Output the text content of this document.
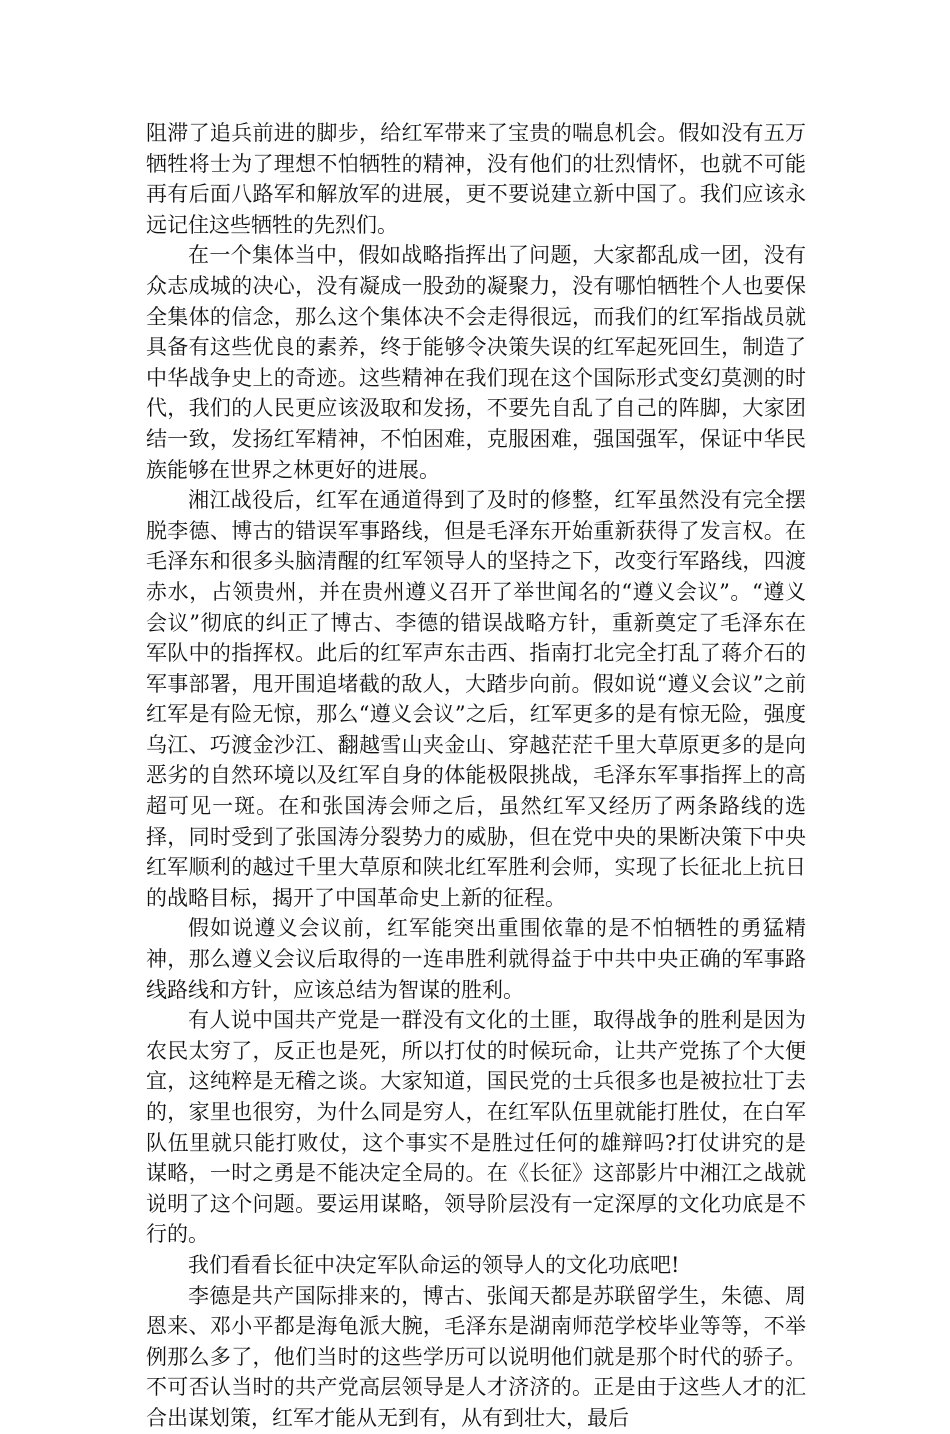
阻滞了追兵前进的脚步，给红军带来了宝贵的喘息机会。假如没有五万牺牲将士为了理想不怕牺牲的精神，没有他们的壮烈情怀，也就不可能再有后面八路军和解放军的进展，更不要说建立新中国了。我们应该永远记住这些牺牲的先烈们。

在一个集体当中，假如战略指挥出了问题，大家都乱成一团，没有众志成城的决心，没有凝成一股劲的凝聚力，没有哪怕牺牲个人也要保全集体的信念，那么这个集体决不会走得很远，而我们的红军指战员就具备有这些优良的素养，终于能够令决策失误的红军起死回生，制造了中华战争史上的奇迹。这些精神在我们现在这个国际形式变幻莫测的时代，我们的人民更应该汲取和发扬，不要先自乱了自己的阵脚，大家团结一致，发扬红军精神，不怕困难，克服困难，强国强军，保证中华民族能够在世界之林更好的进展。

湘江战役后，红军在通道得到了及时的修整，红军虽然没有完全摆脱李德、博古的错误军事路线，但是毛泽东开始重新获得了发言权。在毛泽东和很多头脑清醒的红军领导人的坚持之下，改变行军路线，四渡赤水，占领贵州，并在贵州遵义召开了举世闻名的“遵义会议”。“遵义会议”彻底的纠正了博古、李德的错误战略方针，重新奠定了毛泽东在军队中的指挥权。此后的红军声东击西、指南打北完全打乱了蒋介石的军事部署，甩开围追堵截的敌人，大踏步向前。假如说“遵义会议”之前红军是有险无惊，那么“遵义会议”之后，红军更多的是有惊无险，强度乌江、巧渡金沙江、翻越雪山夹金山、穿越茫茫千里大草原更多的是向恶劣的自然环境以及红军自身的体能极限挑战，毛泽东军事指挥上的高超可见一斑。在和张国涛会师之后，虽然红军又经历了两条路线的选择，同时受到了张国涛分裂势力的威胁，但在党中央的果断决策下中央红军顺利的越过千里大草原和陕北红军胜利会师，实现了长征北上抗日的战略目标，揭开了中国革命史上新的征程。

假如说遵义会议前，红军能突出重围依靠的是不怕牺牲的勇猛精神，那么遵义会议后取得的一连串胜利就得益于中共中央正确的军事路线路线和方针，应该总结为智谋的胜利。

有人说中国共产党是一群没有文化的土匪，取得战争的胜利是因为农民太穷了，反正也是死，所以打仗的时候玩命，让共产党拣了个大便宜，这纯粹是无稽之谈。大家知道，国民党的士兵很多也是被拉壮丁去的，家里也很穷，为什么同是穷人，在红军队伍里就能打胜仗，在白军队伍里就只能打败仗，这个事实不是胜过任何的雄辩吗?打仗讲究的是谋略，一时之勇是不能决定全局的。在《长征》这部影片中湘江之战就说明了这个问题。要运用谋略，领导阶层没有一定深厚的文化功底是不行的。

我们看看长征中决定军队命运的领导人的文化功底吧!

李德是共产国际排来的，博古、张闻天都是苏联留学生，朱德、周恩来、邓小平都是海龟派大腕，毛泽东是湖南师范学校毕业等等，不举例那么多了，他们当时的这些学历可以说明他们就是那个时代的骄子。不可否认当时的共产党高层领导是人才济济的。正是由于这些人才的汇合出谋划策，红军才能从无到有，从有到壮大，最后
